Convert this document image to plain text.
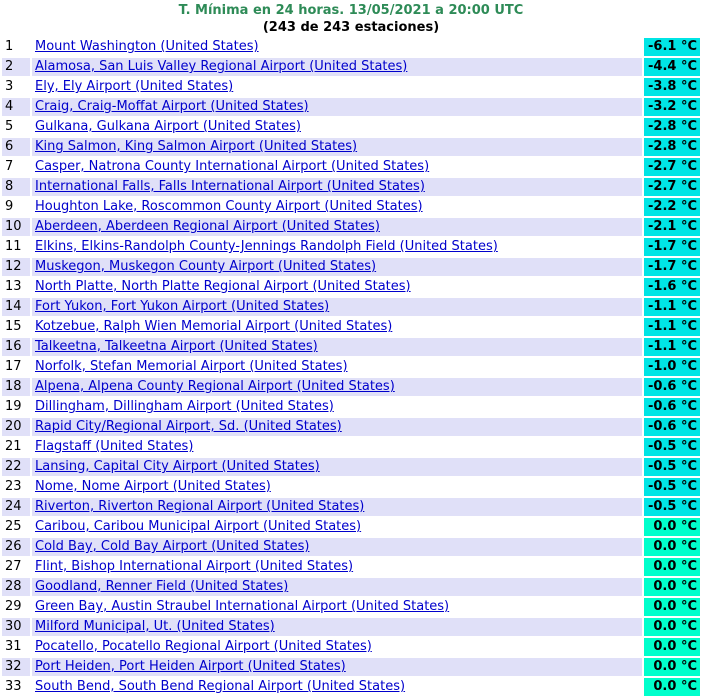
T. Mínima en 24 horas. 13/05/2021 a 20:00 UTC
(243 de 243 estaciones)
1	Mount Washington (United States)	-6.1 °C
2	Alamosa, San Luis Valley Regional Airport (United States)	-4.4 °C
3	Ely, Ely Airport (United States)	-3.8 °C
4	Craig, Craig-Moffat Airport (United States)	-3.2 °C
5	Gulkana, Gulkana Airport (United States)	-2.8 °C
6	King Salmon, King Salmon Airport (United States)	-2.8 °C
7	Casper, Natrona County International Airport (United States)	-2.7 °C
8	International Falls, Falls International Airport (United States)	-2.7 °C
9	Houghton Lake, Roscommon County Airport (United States)	-2.2 °C
10	Aberdeen, Aberdeen Regional Airport (United States)	-2.1 °C
11	Elkins, Elkins-Randolph County-Jennings Randolph Field (United States)	-1.7 °C
12	Muskegon, Muskegon County Airport (United States)	-1.7 °C
13	North Platte, North Platte Regional Airport (United States)	-1.6 °C
14	Fort Yukon, Fort Yukon Airport (United States)	-1.1 °C
15	Kotzebue, Ralph Wien Memorial Airport (United States)	-1.1 °C
16	Talkeetna, Talkeetna Airport (United States)	-1.1 °C
17	Norfolk, Stefan Memorial Airport (United States)	-1.0 °C
18	Alpena, Alpena County Regional Airport (United States)	-0.6 °C
19	Dillingham, Dillingham Airport (United States)	-0.6 °C
20	Rapid City/Regional Airport, Sd. (United States)	-0.6 °C
21	Flagstaff (United States)	-0.5 °C
22	Lansing, Capital City Airport (United States)	-0.5 °C
23	Nome, Nome Airport (United States)	-0.5 °C
24	Riverton, Riverton Regional Airport (United States)	-0.5 °C
25	Caribou, Caribou Municipal Airport (United States)	0.0 °C
26	Cold Bay, Cold Bay Airport (United States)	0.0 °C
27	Flint, Bishop International Airport (United States)	0.0 °C
28	Goodland, Renner Field (United States)	0.0 °C
29	Green Bay, Austin Straubel International Airport (United States)	0.0 °C
30	Milford Municipal, Ut. (United States)	0.0 °C
31	Pocatello, Pocatello Regional Airport (United States)	0.0 °C
32	Port Heiden, Port Heiden Airport (United States)	0.0 °C
33	South Bend, South Bend Regional Airport (United States)	0.0 °C
